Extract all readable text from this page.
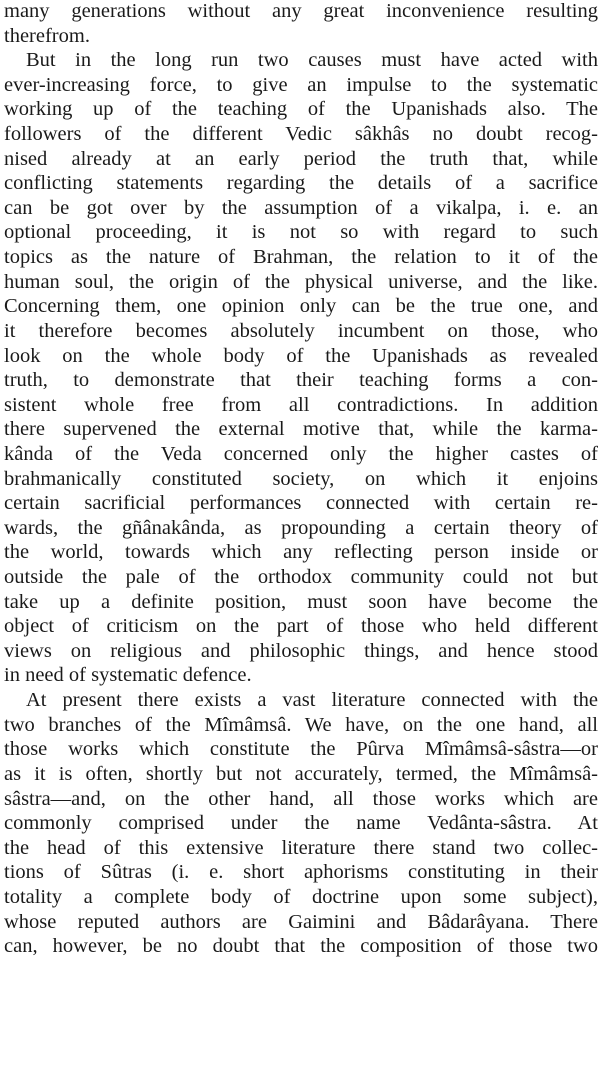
many generations without any great inconvenience resulting
therefrom.
But in the long run two causes must have acted with
ever-increasing force, to give an impulse to the systematic
working up of the teaching of the Upanishads also. The
followers of the different Vedic sâkhâs no doubt recog-
nised already at an early period the truth that, while
conflicting statements regarding the details of a sacrifice
can be got over by the assumption of a vikalpa, i. e. an
optional proceeding, it is not so with regard to such
topics as the nature of Brahman, the relation to it of the
human soul, the origin of the physical universe, and the like.
Concerning them, one opinion only can be the true one, and
it therefore becomes absolutely incumbent on those, who
look on the whole body of the Upanishads as revealed
truth, to demonstrate that their teaching forms a con-
sistent whole free from all contradictions. In addition
there supervened the external motive that, while the karma-
kânda of the Veda concerned only the higher castes of
brahmanically constituted society, on which it enjoins
certain sacrificial performances connected with certain re-
wards, the gñânakânda, as propounding a certain theory of
the world, towards which any reflecting person inside or
outside the pale of the orthodox community could not but
take up a definite position, must soon have become the
object of criticism on the part of those who held different
views on religious and philosophic things, and hence stood
in need of systematic defence.
At present there exists a vast literature connected with the
two branches of the Mîmâmsâ. We have, on the one hand, all
those works which constitute the Pûrva Mîmâmsâ-sâstra—or
as it is often, shortly but not accurately, termed, the Mîmâmsâ-
sâstra—and, on the other hand, all those works which are
commonly comprised under the name Vedânta-sâstra. At
the head of this extensive literature there stand two collec-
tions of Sûtras (i. e. short aphorisms constituting in their
totality a complete body of doctrine upon some subject),
whose reputed authors are Gaimini and Bâdarâyana. There
can, however, be no doubt that the composition of those two
